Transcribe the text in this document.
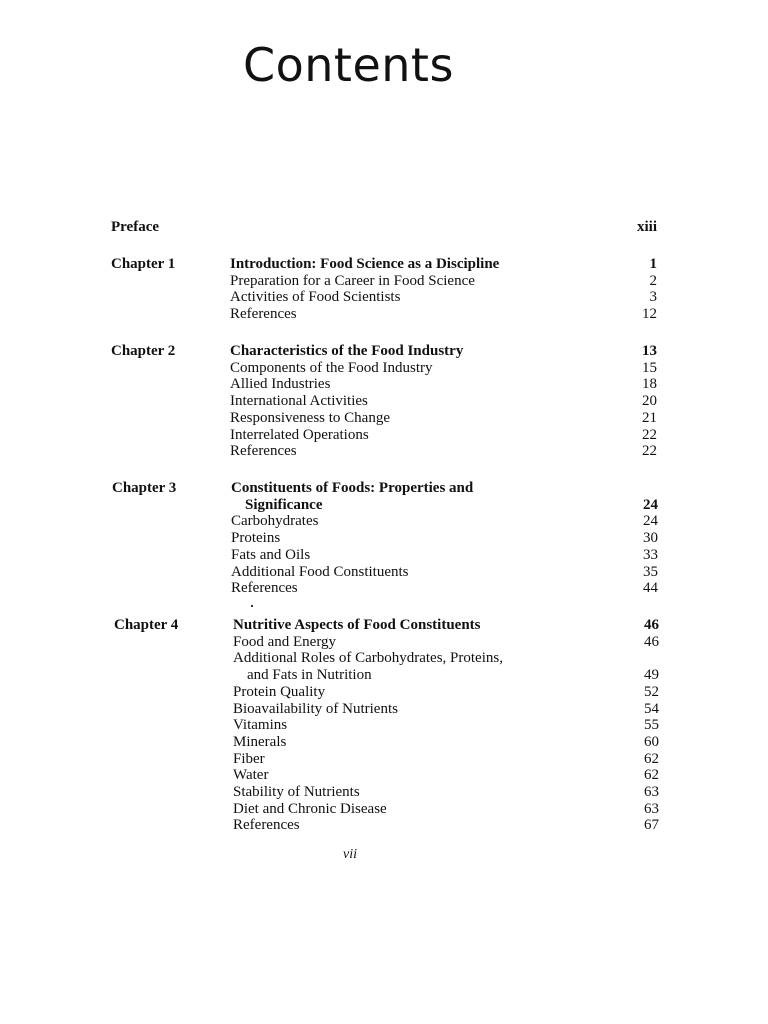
Contents
Preface	xiii
Chapter 1	Introduction: Food Science as a Discipline	1
Preparation for a Career in Food Science	2
Activities of Food Scientists	3
References	12
Chapter 2	Characteristics of the Food Industry	13
Components of the Food Industry	15
Allied Industries	18
International Activities	20
Responsiveness to Change	21
Interrelated Operations	22
References	22
Chapter 3	Constituents of Foods: Properties and
Significance	24
Carbohydrates	24
Proteins	30
Fats and Oils	33
Additional Food Constituents	35
References	44
Chapter 4	Nutritive Aspects of Food Constituents	46
Food and Energy	46
Additional Roles of Carbohydrates, Proteins,
and Fats in Nutrition	49
Protein Quality	52
Bioavailability of Nutrients	54
Vitamins	55
Minerals	60
Fiber	62
Water	62
Stability of Nutrients	63
Diet and Chronic Disease	63
References	67
vii
